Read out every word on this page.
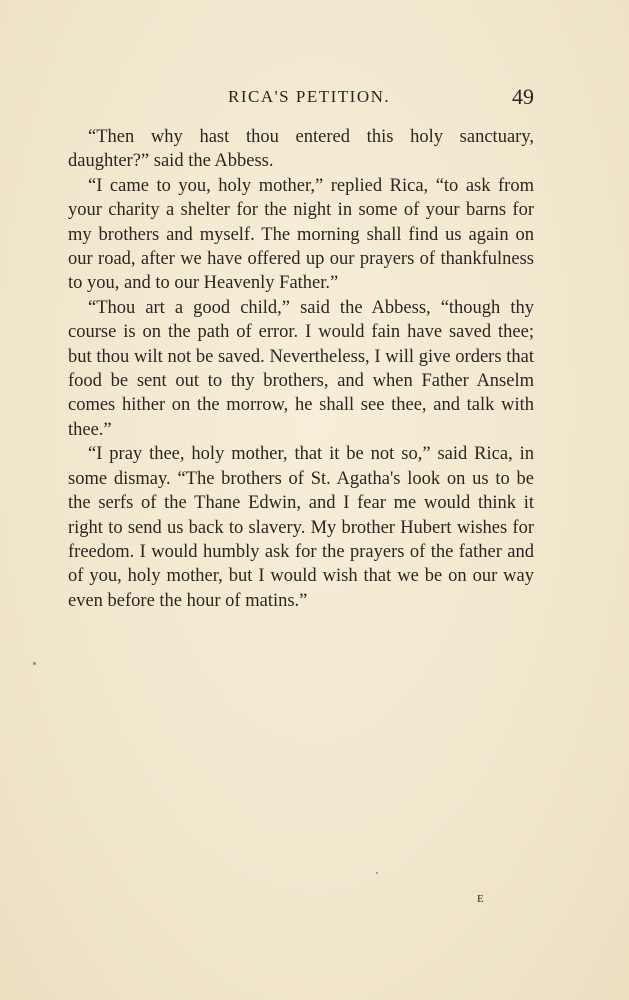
RICA'S PETITION.	49

“Then why hast thou entered this holy sanctuary, daughter?” said the Abbess.

“I came to you, holy mother,” replied Rica, “to ask from your charity a shelter for the night in some of your barns for my brothers and myself. The morning shall find us again on our road, after we have offered up our prayers of thankfulness to you, and to our Heavenly Father.”

“Thou art a good child,” said the Abbess, “though thy course is on the path of error. I would fain have saved thee; but thou wilt not be saved. Nevertheless, I will give orders that food be sent out to thy brothers, and when Father Anselm comes hither on the morrow, he shall see thee, and talk with thee.”

“I pray thee, holy mother, that it be not so,” said Rica, in some dismay. “The brothers of St. Agatha's look on us to be the serfs of the Thane Edwin, and I fear me would think it right to send us back to slavery. My brother Hubert wishes for freedom. I would humbly ask for the prayers of the father and of you, holy mother, but I would wish that we be on our way even before the hour of matins.”

E
